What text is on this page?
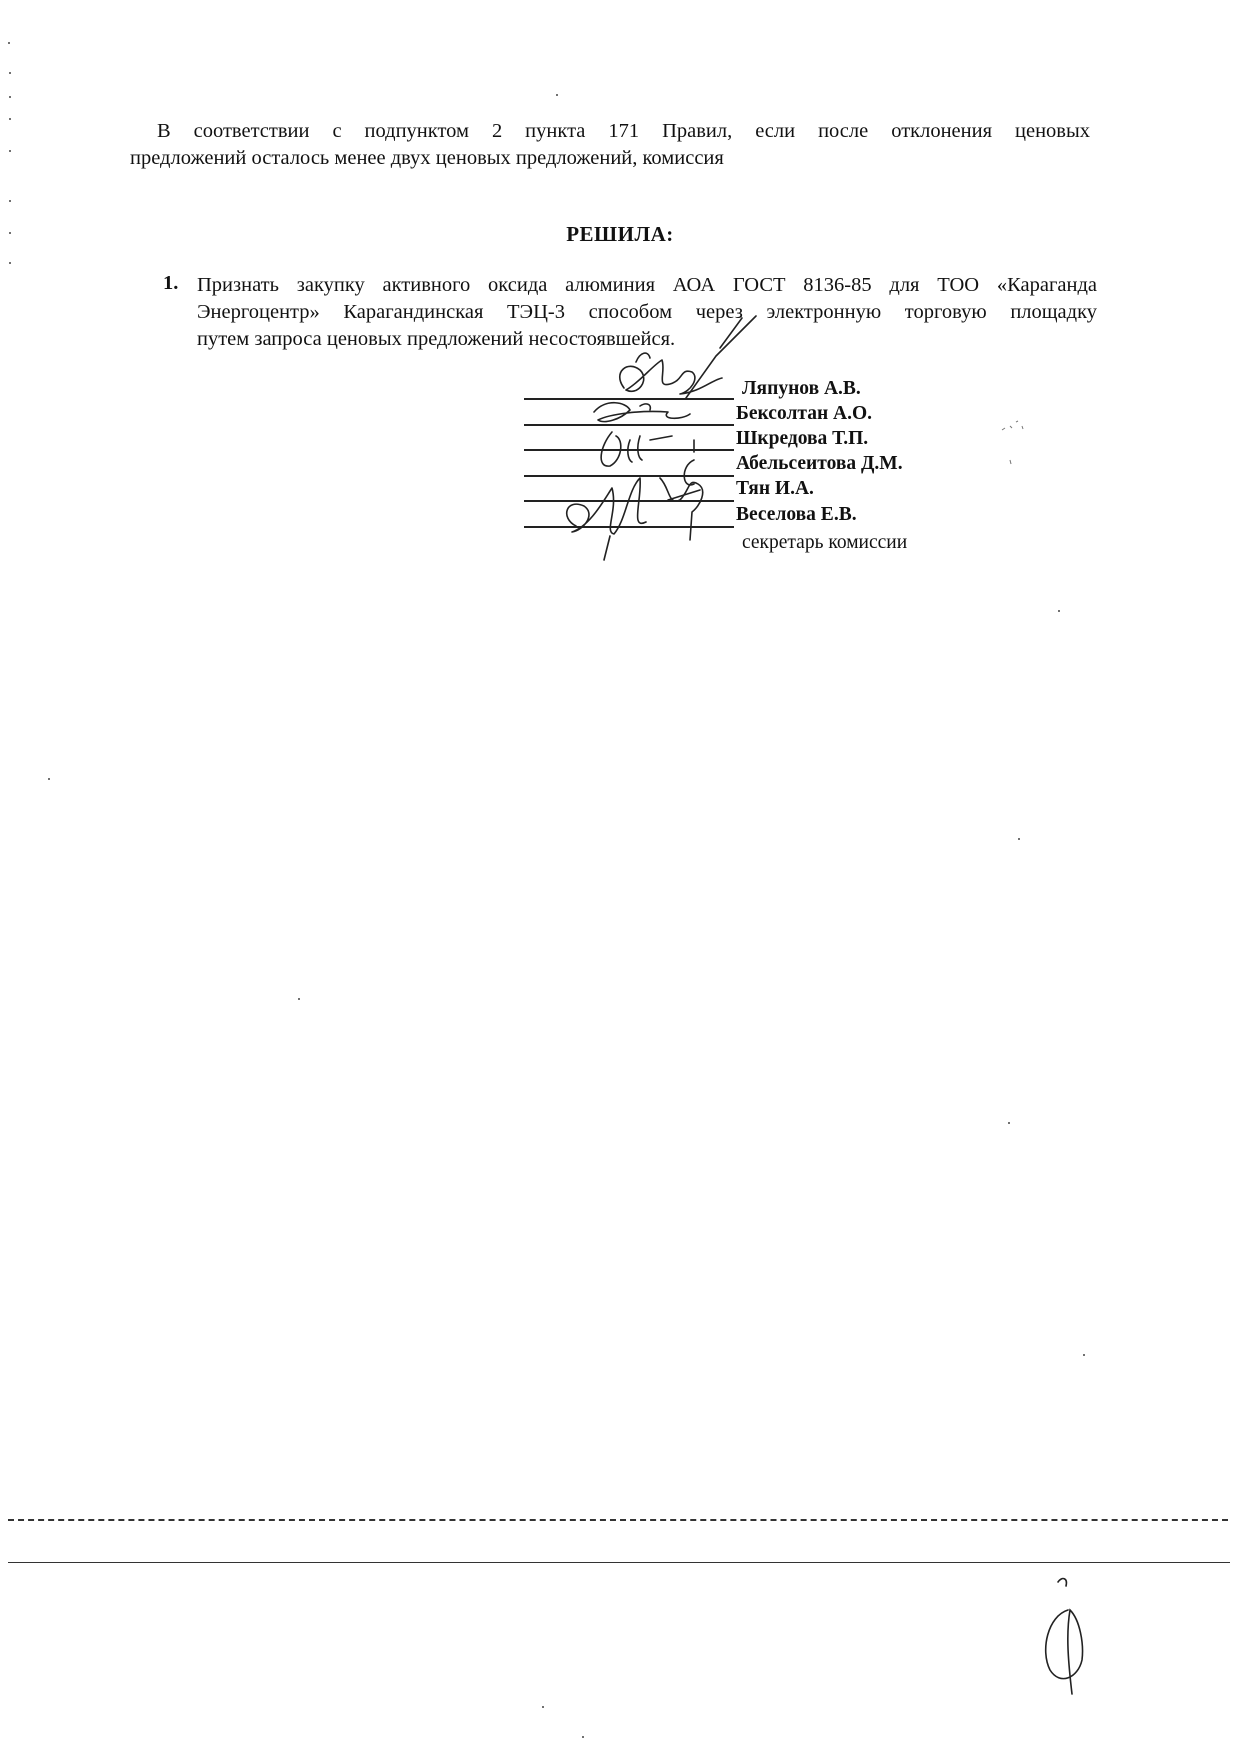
В соответствии с подпунктом 2 пункта 171 Правил, если после отклонения ценовых
предложений осталось менее двух ценовых предложений, комиссия
РЕШИЛА:
1. Признать закупку активного оксида алюминия АОА ГОСТ 8136-85 для ТОО «Караганда
Энергоцентр» Карагандинская ТЭЦ-3 способом через электронную торговую площадку
путем запроса ценовых предложений несостоявшейся.
Ляпунов А.В.
Бексолтан А.О.
Шкредова Т.П.
Абельсеитова Д.М.
Тян И.А.
Веселова Е.В.
секретарь комиссии
